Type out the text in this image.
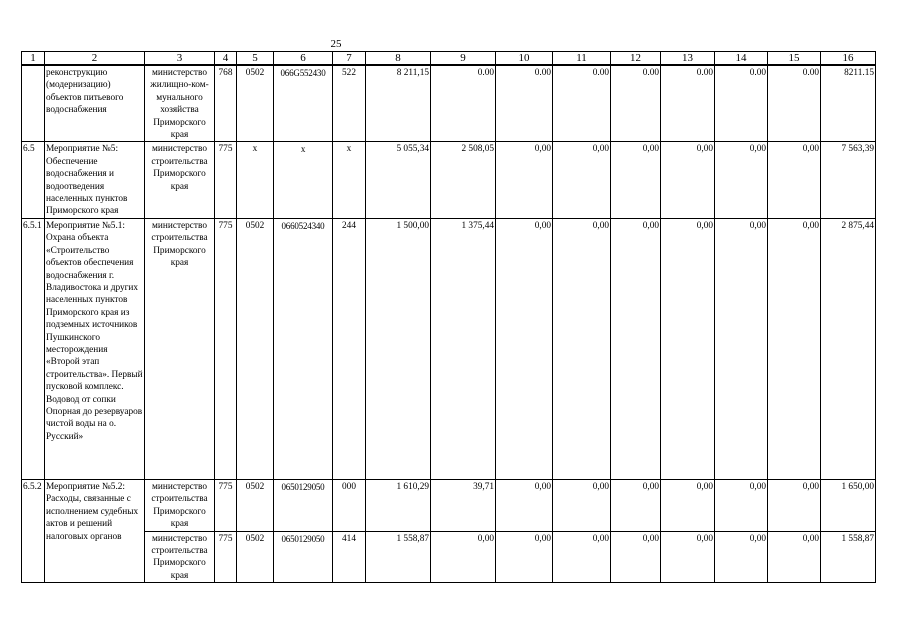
25
1	2	3	4	5	6	7	8	9	10	11	12	13	14	15	16
	реконструкцию (модернизацию) объектов питьевого водоснабжения	министерство жилищно-ком-мунального хозяйства Приморского края	768	0502	066G552430	522	8 211,15	0.00	0.00	0.00	0.00	0.00	0.00	0.00	8211.15
6.5	Мероприятие №5: Обеспечение водоснабжения и водоотведения населенных пунктов Приморского края	министерство строительства Приморского края	775	x	x	x	5 055,34	2 508,05	0,00	0,00	0,00	0,00	0,00	0,00	7 563,39
6.5.1	Мероприятие №5.1: Охрана объекта «Строительство объектов обеспечения водоснабжения г. Владивостока и других населенных пунктов Приморского края из подземных источников Пушкинского месторождения «Второй этап строительства». Первый пусковой комплекс. Водовод от сопки Опорная до резервуаров чистой воды на о. Русский»	министерство строительства Приморского края	775	0502	0660524340	244	1 500,00	1 375,44	0,00	0,00	0,00	0,00	0,00	0,00	2 875,44
6.5.2	Мероприятие №5.2: Расходы, связанные с исполнением судебных актов и решений налоговых органов	министерство строительства Приморского края	775	0502	0650129050	000	1 610,29	39,71	0,00	0,00	0,00	0,00	0,00	0,00	1 650,00
		министерство строительства Приморского края	775	0502	0650129050	414	1 558,87	0,00	0,00	0,00	0,00	0,00	0,00	0,00	1 558,87
